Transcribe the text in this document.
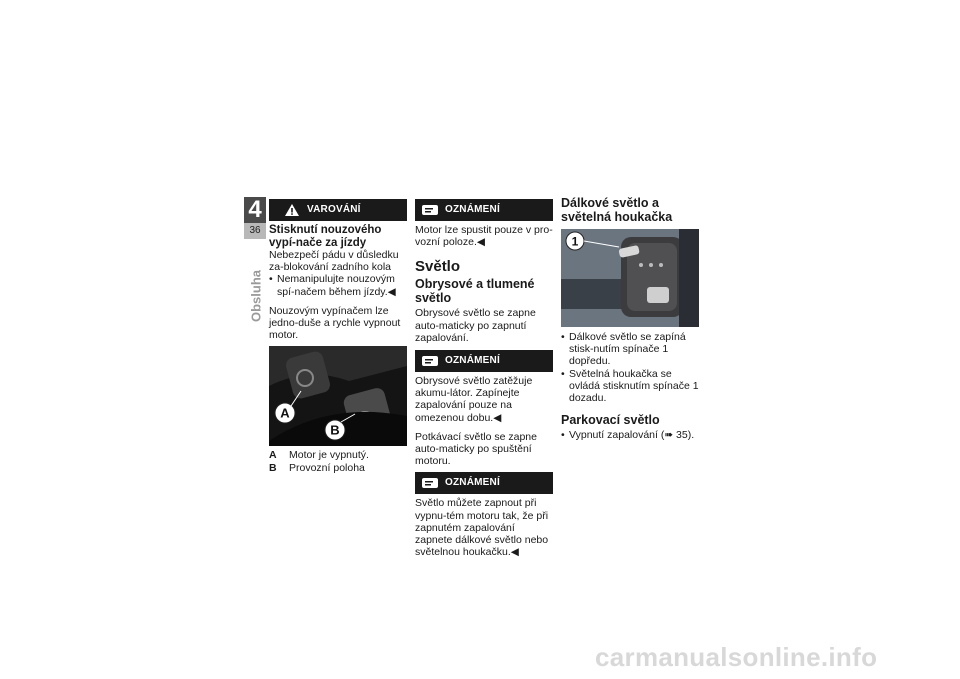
4
36
Obsluha
VAROVÁNÍ
Stisknutí nouzového vypí-nače za jízdy

Nebezpečí pádu v důsledku za-blokování zadního kola

• Nemanipulujte nouzovým spí-načem během jízdy.◀

Nouzovým vypínačem lze jedno-duše a rychle vypnout motor.

A
B
A	Motor je vypnutý.
B	Provozní poloha
OZNÁMENÍ

Motor lze spustit pouze v pro-vozní poloze.◀

Světlo
Obrysové a tlumené světlo

Obrysové světlo se zapne auto-maticky po zapnutí zapalování.

OZNÁMENÍ

Obrysové světlo zatěžuje akumu-látor. Zapínejte zapalování pouze na omezenou dobu.◀

Potkávací světlo se zapne auto-maticky po spuštění motoru.

OZNÁMENÍ

Světlo můžete zapnout při vypnu-tém motoru tak, že při zapnutém zapalování zapnete dálkové světlo nebo světelnou houkačku.◀

Dálkové světlo a světelná houkačka
1
• Dálkové světlo se zapíná stisk-nutím spínače 1 dopředu.
• Světelná houkačka se ovládá stisknutím spínače 1 dozadu.
Parkovací světlo
• Vypnutí zapalování (➠ 35).
carmanualsonline.info
